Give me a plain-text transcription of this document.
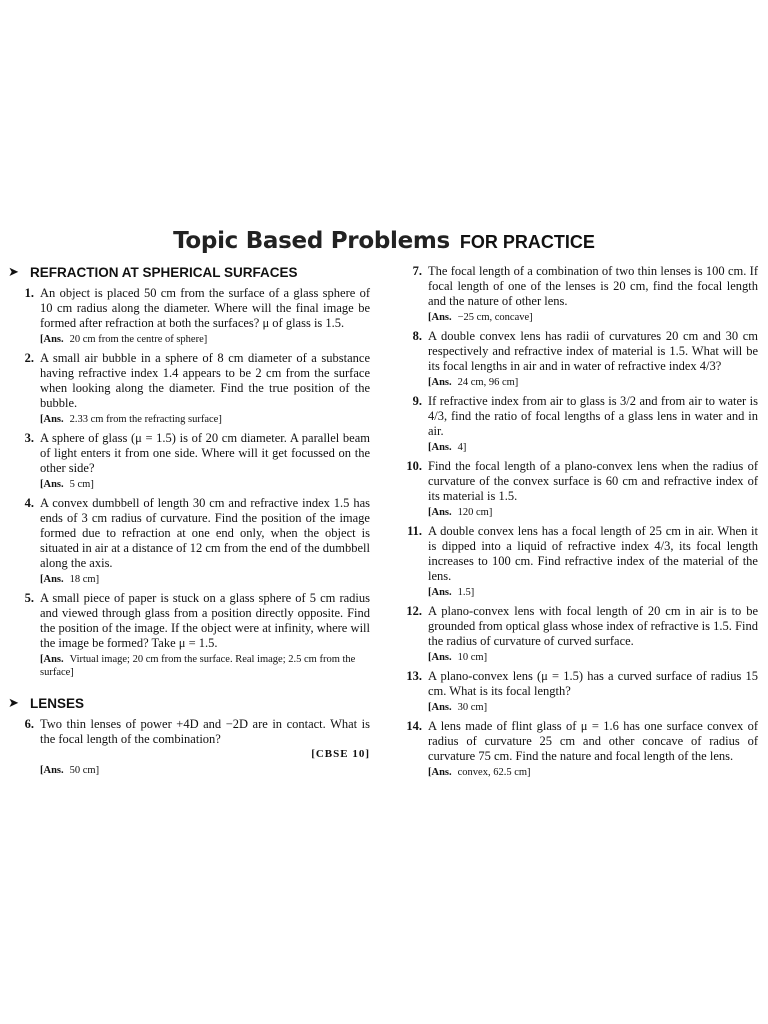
Topic Based Problems FOR PRACTICE
➤ REFRACTION AT SPHERICAL SURFACES
1. An object is placed 50 cm from the surface of a glass sphere of 10 cm radius along the diameter. Where will the final image be formed after refraction at both the surfaces? μ of glass is 1.5.
[Ans. 20 cm from the centre of sphere]
2. A small air bubble in a sphere of 8 cm diameter of a substance having refractive index 1.4 appears to be 2 cm from the surface when looking along the diameter. Find the true position of the bubble.
[Ans. 2.33 cm from the refracting surface]
3. A sphere of glass (μ = 1.5) is of 20 cm diameter. A parallel beam of light enters it from one side. Where will it get focussed on the other side?
[Ans. 5 cm]
4. A convex dumbbell of length 30 cm and refractive index 1.5 has ends of 3 cm radius of curvature. Find the position of the image formed due to refraction at one end only, when the object is situated in air at a distance of 12 cm from the end of the dumbbell along the axis.
[Ans. 18 cm]
5. A small piece of paper is stuck on a glass sphere of 5 cm radius and viewed through glass from a position directly opposite. Find the position of the image. If the object were at infinity, where will the image be formed? Take μ = 1.5.
[Ans. Virtual image; 20 cm from the surface. Real image; 2.5 cm from the surface]
➤ LENSES
6. Two thin lenses of power +4D and −2D are in contact. What is the focal length of the combination?
[CBSE 10]
[Ans. 50 cm]
7. The focal length of a combination of two thin lenses is 100 cm. If focal length of one of the lenses is 20 cm, find the focal length and the nature of other lens.
[Ans. −25 cm, concave]
8. A double convex lens has radii of curvatures 20 cm and 30 cm respectively and refractive index of material is 1.5. What will be its focal lengths in air and in water of refractive index 4/3?
[Ans. 24 cm, 96 cm]
9. If refractive index from air to glass is 3/2 and from air to water is 4/3, find the ratio of focal lengths of a glass lens in water and in air.
[Ans. 4]
10. Find the focal length of a plano-convex lens when the radius of curvature of the convex surface is 60 cm and refractive index of its material is 1.5.
[Ans. 120 cm]
11. A double convex lens has a focal length of 25 cm in air. When it is dipped into a liquid of refractive index 4/3, its focal length increases to 100 cm. Find refractive index of the material of the lens.
[Ans. 1.5]
12. A plano-convex lens with focal length of 20 cm in air is to be grounded from optical glass whose index of refractive is 1.5. Find the radius of curvature of curved surface.
[Ans. 10 cm]
13. A plano-convex lens (μ = 1.5) has a curved surface of radius 15 cm. What is its focal length?
[Ans. 30 cm]
14. A lens made of flint glass of μ = 1.6 has one surface convex of radius of curvature 25 cm and other concave of radius of curvature 75 cm. Find the nature and focal length of the lens.
[Ans. convex, 62.5 cm]
